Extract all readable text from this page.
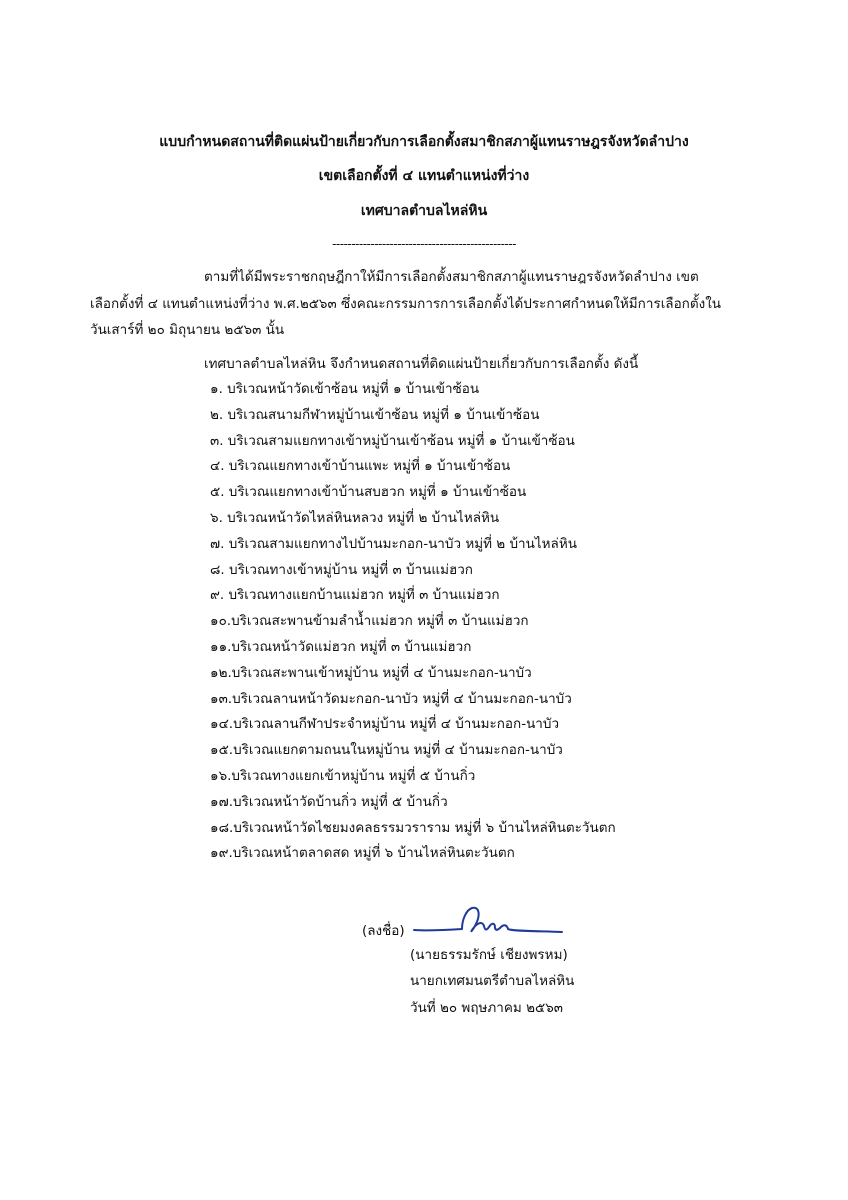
แบบกำหนดสถานที่ติดแผ่นป้ายเกี่ยวกับการเลือกตั้งสมาชิกสภาผู้แทนราษฎรจังหวัดลำปาง
เขตเลือกตั้งที่ ๔ แทนตำแหน่งที่ว่าง
เทศบาลตำบลไหล่หิน
------------------------------------------------
ตามที่ได้มีพระราชกฤษฎีกาให้มีการเลือกตั้งสมาชิกสภาผู้แทนราษฎรจังหวัดลำปาง เขต
เลือกตั้งที่ ๔ แทนตำแหน่งที่ว่าง พ.ศ.๒๕๖๓ ซึ่งคณะกรรมการการเลือกตั้งได้ประกาศกำหนดให้มีการเลือกตั้งใน
วันเสาร์ที่ ๒๐ มิถุนายน ๒๕๖๓ นั้น
เทศบาลตำบลไหล่หิน จึงกำหนดสถานที่ติดแผ่นป้ายเกี่ยวกับการเลือกตั้ง ดังนี้
๑. บริเวณหน้าวัดเข้าซ้อน หมู่ที่ ๑ บ้านเข้าซ้อน
๒. บริเวณสนามกีฬาหมู่บ้านเข้าซ้อน หมู่ที่ ๑ บ้านเข้าซ้อน
๓. บริเวณสามแยกทางเข้าหมู่บ้านเข้าซ้อน หมู่ที่ ๑ บ้านเข้าซ้อน
๔. บริเวณแยกทางเข้าบ้านแพะ หมู่ที่ ๑ บ้านเข้าซ้อน
๕. บริเวณแยกทางเข้าบ้านสบฮวก หมู่ที่ ๑ บ้านเข้าซ้อน
๖. บริเวณหน้าวัดไหล่หินหลวง หมู่ที่ ๒ บ้านไหล่หิน
๗. บริเวณสามแยกทางไปบ้านมะกอก-นาบัว หมู่ที่ ๒ บ้านไหล่หิน
๘. บริเวณทางเข้าหมู่บ้าน หมู่ที่ ๓ บ้านแม่ฮวก
๙. บริเวณทางแยกบ้านแม่ฮวก หมู่ที่ ๓ บ้านแม่ฮวก
๑๐.บริเวณสะพานข้ามลำน้ำแม่ฮวก หมู่ที่ ๓ บ้านแม่ฮวก
๑๑.บริเวณหน้าวัดแม่ฮวก หมู่ที่ ๓ บ้านแม่ฮวก
๑๒.บริเวณสะพานเข้าหมู่บ้าน หมู่ที่ ๔ บ้านมะกอก-นาบัว
๑๓.บริเวณลานหน้าวัดมะกอก-นาบัว หมู่ที่ ๔ บ้านมะกอก-นาบัว
๑๔.บริเวณลานกีฬาประจำหมู่บ้าน หมู่ที่ ๔ บ้านมะกอก-นาบัว
๑๕.บริเวณแยกตามถนนในหมู่บ้าน หมู่ที่ ๔ บ้านมะกอก-นาบัว
๑๖.บริเวณทางแยกเข้าหมู่บ้าน หมู่ที่ ๕ บ้านกิ่ว
๑๗.บริเวณหน้าวัดบ้านกิ่ว หมู่ที่ ๕ บ้านกิ่ว
๑๘.บริเวณหน้าวัดไชยมงคลธรรมวราราม หมู่ที่ ๖ บ้านไหล่หินตะวันตก
๑๙.บริเวณหน้าตลาดสด หมู่ที่ ๖ บ้านไหล่หินตะวันตก
(ลงชื่อ)
(นายธรรมรักษ์ เชียงพรหม)
นายกเทศมนตรีตำบลไหล่หิน
วันที่ ๒๐ พฤษภาคม ๒๕๖๓
